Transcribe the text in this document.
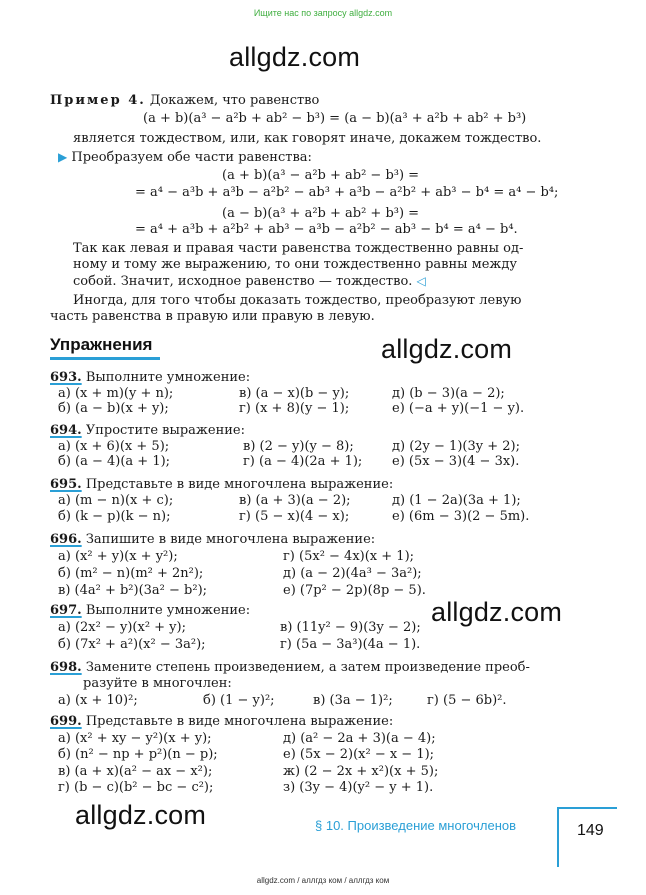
Ищите нас по запросу allgdz.com
allgdz.com
Пример 4. Докажем, что равенство
(a + b)(a³ − a²b + ab² − b³) = (a − b)(a³ + a²b + ab² + b³)
является тождеством, или, как говорят иначе, докажем тождество.
▶ Преобразуем обе части равенства:
(a + b)(a³ − a²b + ab² − b³) =
= a⁴ − a³b + a³b − a²b² − ab³ + a³b − a²b² + ab³ − b⁴ = a⁴ − b⁴;
(a − b)(a³ + a²b + ab² + b³) =
= a⁴ + a³b + a²b² + ab³ − a³b − a²b² − ab³ − b⁴ = a⁴ − b⁴.
Так как левая и правая части равенства тождественно равны од-
ному и тому же выражению, то они тождественно равны между
собой. Значит, исходное равенство — тождество. ◁
Иногда, для того чтобы доказать тождество, преобразуют левую
часть равенства в правую или правую в левую.
Упражнения	allgdz.com
693. Выполните умножение:
а) (x + m)(y + n);	в) (a − x)(b − y);	д) (b − 3)(a − 2);
б) (a − b)(x + y);	г) (x + 8)(y − 1);	е) (−a + y)(−1 − y).
694. Упростите выражение:
а) (x + 6)(x + 5);	в) (2 − y)(y − 8);	д) (2y − 1)(3y + 2);
б) (a − 4)(a + 1);	г) (a − 4)(2a + 1); е) (5x − 3)(4 − 3x).
695. Представьте в виде многочлена выражение:
а) (m − n)(x + c);	в) (a + 3)(a − 2);	д) (1 − 2a)(3a + 1);
б) (k − p)(k − n);	г) (5 − x)(4 − x);	е) (6m − 3)(2 − 5m).
696. Запишите в виде многочлена выражение:
а) (x² + y)(x + y²);	г) (5x² − 4x)(x + 1);
б) (m² − n)(m² + 2n²);	д) (a − 2)(4a³ − 3a²);
в) (4a² + b²)(3a² − b²);	е) (7p² − 2p)(8p − 5).
697. Выполните умножение:	allgdz.com
а) (2x² − y)(x² + y);	в) (11y² − 9)(3y − 2);
б) (7x² + a²)(x² − 3a²);	г) (5a − 3a³)(4a − 1).
698. Замените степень произведением, а затем произведение преоб-
разуйте в многочлен:
а) (x + 10)²;	б) (1 − y)²;	в) (3a − 1)²;	г) (5 − 6b)².
699. Представьте в виде многочлена выражение:
а) (x² + xy − y²)(x + y);	д) (a² − 2a + 3)(a − 4);
б) (n² − np + p²)(n − p);	е) (5x − 2)(x² − x − 1);
в) (a + x)(a² − ax − x²);	ж) (2 − 2x + x²)(x + 5);
г) (b − c)(b² − bc − c²);	з) (3y − 4)(y² − y + 1).
allgdz.com	§ 10. Произведение многочленов	149
allgdz.com / аллгдз ком / аллгдз ком
